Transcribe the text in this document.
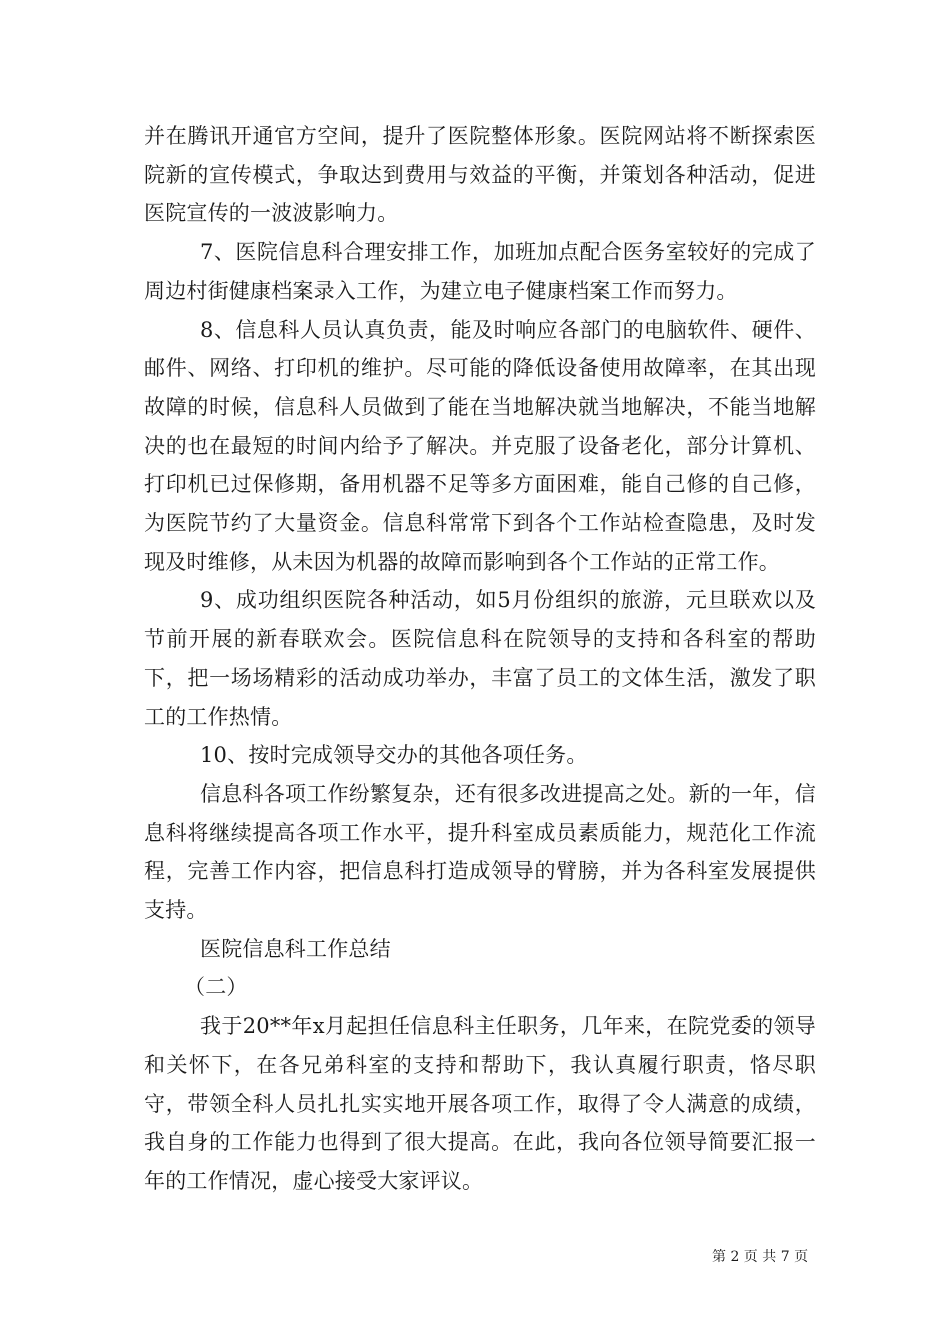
并在腾讯开通官方空间，提升了医院整体形象。医院网站将不断探索医院新的宣传模式，争取达到费用与效益的平衡，并策划各种活动，促进医院宣传的一波波影响力。

7、医院信息科合理安排工作，加班加点配合医务室较好的完成了周边村街健康档案录入工作，为建立电子健康档案工作而努力。

8、信息科人员认真负责，能及时响应各部门的电脑软件、硬件、邮件、网络、打印机的维护。尽可能的降低设备使用故障率，在其出现故障的时候，信息科人员做到了能在当地解决就当地解决，不能当地解决的也在最短的时间内给予了解决。并克服了设备老化，部分计算机、打印机已过保修期，备用机器不足等多方面困难，能自己修的自己修，为医院节约了大量资金。信息科常常下到各个工作站检查隐患，及时发现及时维修，从未因为机器的故障而影响到各个工作站的正常工作。

9、成功组织医院各种活动，如5月份组织的旅游，元旦联欢以及节前开展的新春联欢会。医院信息科在院领导的支持和各科室的帮助下，把一场场精彩的活动成功举办，丰富了员工的文体生活，激发了职工的工作热情。

10、按时完成领导交办的其他各项任务。

信息科各项工作纷繁复杂，还有很多改进提高之处。新的一年，信息科将继续提高各项工作水平，提升科室成员素质能力，规范化工作流程，完善工作内容，把信息科打造成领导的臂膀，并为各科室发展提供支持。

医院信息科工作总结

（二）

我于20**年x月起担任信息科主任职务，几年来，在院党委的领导和关怀下，在各兄弟科室的支持和帮助下，我认真履行职责，恪尽职守，带领全科人员扎扎实实地开展各项工作，取得了令人满意的成绩，我自身的工作能力也得到了很大提高。在此，我向各位领导简要汇报一年的工作情况，虚心接受大家评议。

第 2 页 共 7 页
